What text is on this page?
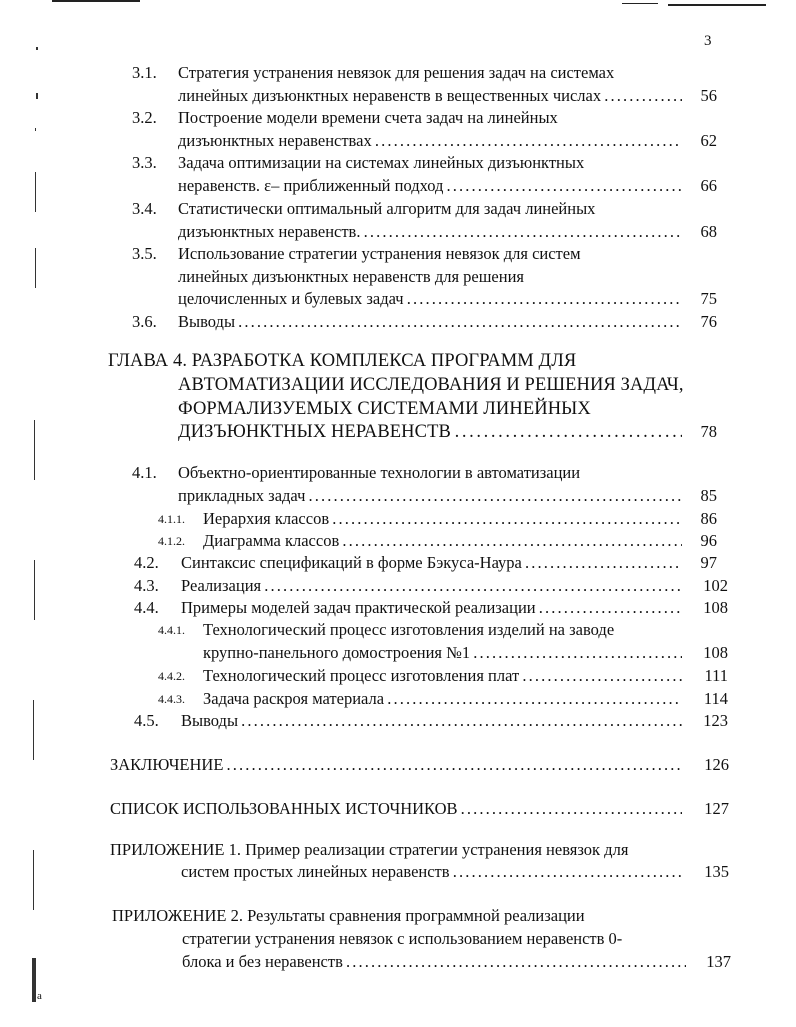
a
3
3.1. Стратегия устранения невязок для решения задач на системах
линейных дизъюнктных неравенств в вещественных числах . . .	56
3.2. Построение модели времени счета задач на линейных
дизъюнктных неравенствах . . .	62
3.3. Задача оптимизации на системах линейных дизъюнктных
неравенств. ε– приближенный подход . . .	66
3.4. Статистически оптимальный алгоритм для задач линейных
дизъюнктных неравенств. . . .	68
3.5. Использование стратегии устранения невязок для систем
линейных дизъюнктных неравенств для решения
целочисленных и булевых задач . . .	75
3.6. Выводы . . .	76
ГЛАВА 4. РАЗРАБОТКА КОМПЛЕКСА ПРОГРАММ ДЛЯ
АВТОМАТИЗАЦИИ ИССЛЕДОВАНИЯ И РЕШЕНИЯ ЗАДАЧ,
ФОРМАЛИЗУЕМЫХ СИСТЕМАМИ ЛИНЕЙНЫХ
ДИЗЪЮНКТНЫХ НЕРАВЕНСТВ . . .	78
4.1. Объектно-ориентированные технологии в автоматизации
прикладных задач . . .	85
4.1.1. Иерархия классов . . .	86
4.1.2. Диаграмма классов . . .	96
4.2. Синтаксис спецификаций в форме Бэкуса-Наура . . .	97
4.3. Реализация . . .	102
4.4. Примеры моделей задач практической реализации . . .	108
4.4.1. Технологический процесс изготовления изделий на заводе
крупно-панельного домостроения №1 . . .	108
4.4.2. Технологический процесс изготовления плат . . .	111
4.4.3. Задача раскроя материала . . .	114
4.5. Выводы . . .	123
ЗАКЛЮЧЕНИЕ . . .	126
СПИСОК ИСПОЛЬЗОВАННЫХ ИСТОЧНИКОВ . . .	127
ПРИЛОЖЕНИЕ 1. Пример реализации стратегии устранения невязок для
систем простых линейных неравенств . . .	135
ПРИЛОЖЕНИЕ 2. Результаты сравнения программной реализации
стратегии устранения невязок с использованием неравенств 0-
блока и без неравенств . . .	137
